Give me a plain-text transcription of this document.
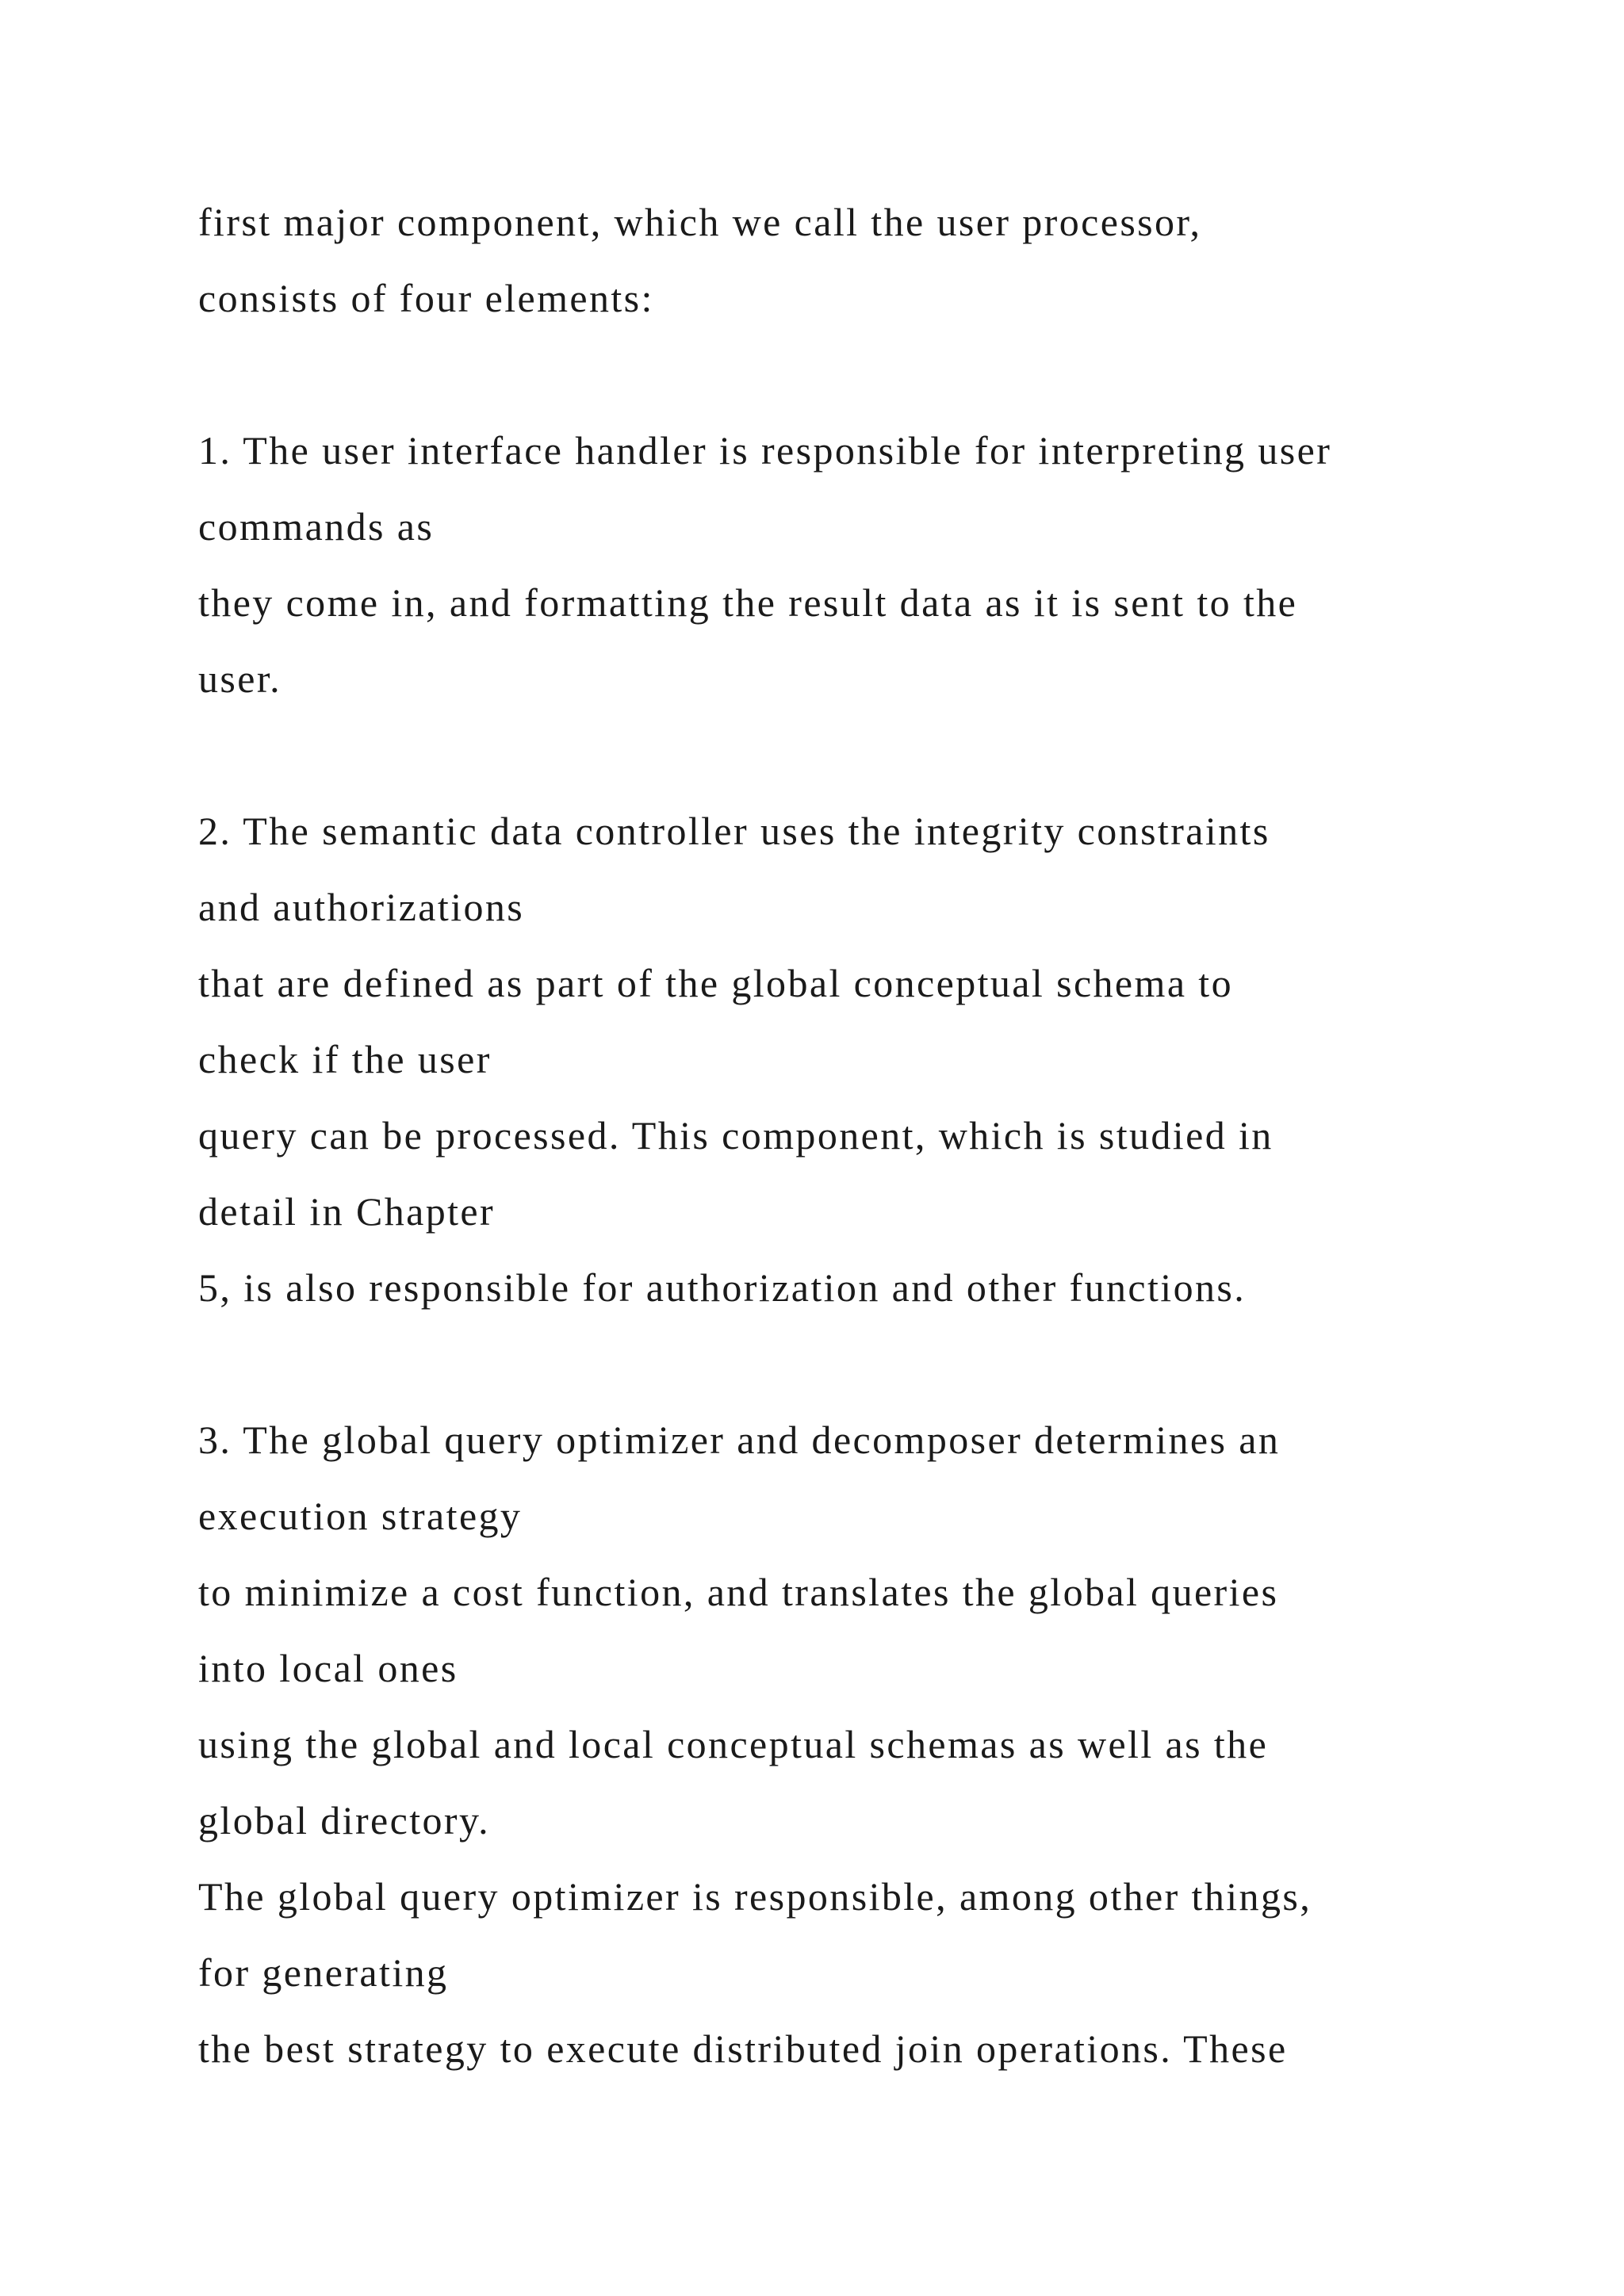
first major component, which we call the user processor,
consists of four elements:
1. The user interface handler is responsible for interpreting user
commands as
they come in, and formatting the result data as it is sent to the
user.
2. The semantic data controller uses the integrity constraints
and authorizations
that are defined as part of the global conceptual schema to
check if the user
query can be processed. This component, which is studied in
detail in Chapter
5, is also responsible for authorization and other functions.
3. The global query optimizer and decomposer determines an
execution strategy
to minimize a cost function, and translates the global queries
into local ones
using the global and local conceptual schemas as well as the
global directory.
The global query optimizer is responsible, among other things,
for generating
the best strategy to execute distributed join operations. These
